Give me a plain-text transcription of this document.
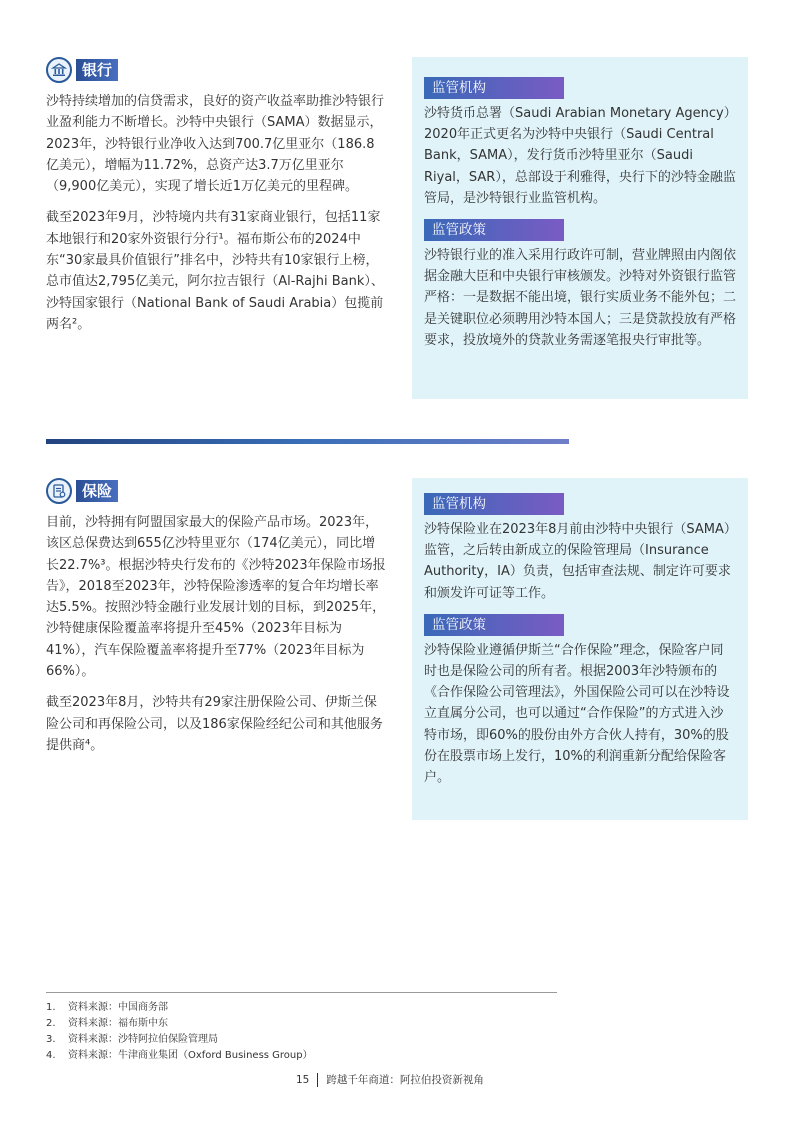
银行

沙特持续增加的信贷需求，良好的资产收益率助推沙特银行业盈利能力不断增长。沙特中央银行（SAMA）数据显示，2023年，沙特银行业净收入达到700.7亿里亚尔（186.8亿美元），增幅为11.72%，总资产达3.7万亿里亚尔（9,900亿美元），实现了增长近1万亿美元的里程碑。

截至2023年9月，沙特境内共有31家商业银行，包括11家本地银行和20家外资银行分行¹。福布斯公布的2024中东“30家最具价值银行”排名中，沙特共有10家银行上榜，总市值达2,795亿美元，阿尔拉吉银行（Al-Rajhi Bank）、沙特国家银行（National Bank of Saudi Arabia）包揽前两名²。

监管机构
沙特货币总署（Saudi Arabian Monetary Agency）2020年正式更名为沙特中央银行（Saudi Central Bank，SAMA），发行货币沙特里亚尔（Saudi Riyal，SAR），总部设于利雅得，央行下的沙特金融监管局，是沙特银行业监管机构。
监管政策
沙特银行业的准入采用行政许可制，营业牌照由内阁依据金融大臣和中央银行审核颁发。沙特对外资银行监管严格：一是数据不能出境，银行实质业务不能外包；二是关键职位必须聘用沙特本国人；三是贷款投放有严格要求，投放境外的贷款业务需逐笔报央行审批等。
保险

目前，沙特拥有阿盟国家最大的保险产品市场。2023年，该区总保费达到655亿沙特里亚尔（174亿美元），同比增长22.7%³。根据沙特央行发布的《沙特2023年保险市场报告》，2018至2023年，沙特保险渗透率的复合年均增长率达5.5%。按照沙特金融行业发展计划的目标，到2025年，沙特健康保险覆盖率将提升至45%（2023年目标为41%），汽车保险覆盖率将提升至77%（2023年目标为66%）。

截至2023年8月，沙特共有29家注册保险公司、伊斯兰保险公司和再保险公司，以及186家保险经纪公司和其他服务提供商⁴。

监管机构
沙特保险业在2023年8月前由沙特中央银行（SAMA）监管，之后转由新成立的保险管理局（Insurance Authority，IA）负责，包括审查法规、制定许可要求和颁发许可证等工作。
监管政策
沙特保险业遵循伊斯兰“合作保险”理念，保险客户同时也是保险公司的所有者。根据2003年沙特颁布的《合作保险公司管理法》，外国保险公司可以在沙特设立直属分公司，也可以通过“合作保险”的方式进入沙特市场，即60%的股份由外方合伙人持有，30%的股份在股票市场上发行，10%的利润重新分配给保险客户。
1.	资料来源：中国商务部
2.	资料来源：福布斯中东
3.	资料来源：沙特阿拉伯保险管理局
4.	资料来源：牛津商业集团（Oxford Business Group）
15 跨越千年商道：阿拉伯投资新视角
